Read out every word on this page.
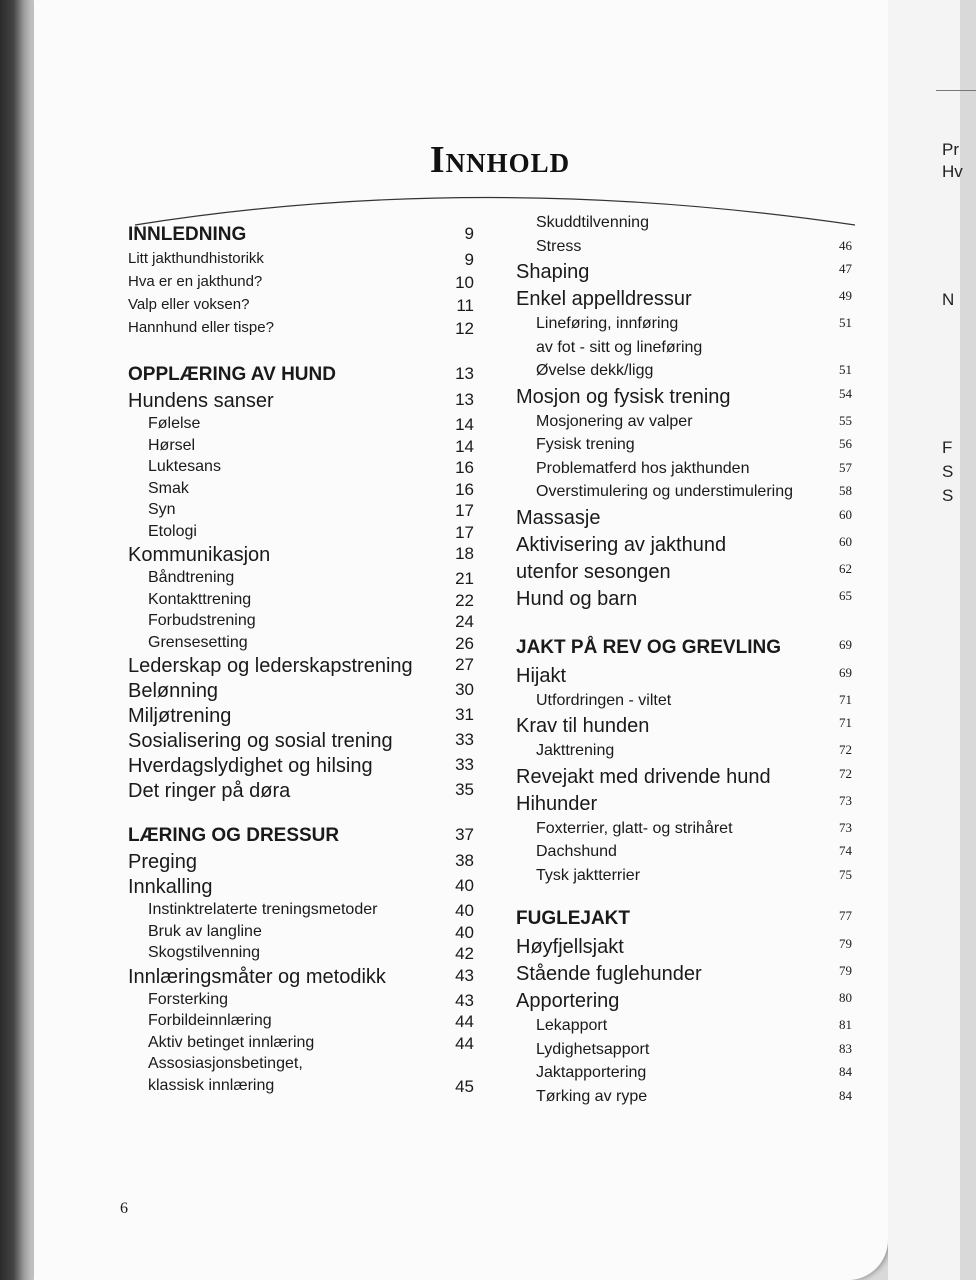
Pr
Hv
N
F
S
S
Innhold
INNLEDNING	9
Litt jakthundhistorikk	9
Hva er en jakthund?	10
Valp eller voksen?	11
Hannhund eller tispe?	12
OPPLÆRING AV HUND	13
Hundens sanser	13
Følelse	14
Hørsel	14
Luktesans	16
Smak	16
Syn	17
Etologi	17
Kommunikasjon	18
Båndtrening	21
Kontakttrening	22
Forbudstrening	24
Grensesetting	26
Lederskap og lederskapstrening	27
Belønning	30
Miljøtrening	31
Sosialisering og sosial trening	33
Hverdagslydighet og hilsing	33
Det ringer på døra	35
LÆRING OG DRESSUR	37
Preging	38
Innkalling	40
Instinktrelaterte treningsmetoder	40
Bruk av langline	40
Skogstilvenning	42
Innlæringsmåter og metodikk	43
Forsterking	43
Forbildeinnlæring	44
Aktiv betinget innlæring	44
Assosiasjonsbetinget,
klassisk innlæring	45
Skuddtilvenning
Stress	46
Shaping	47
Enkel appelldressur	49
Lineføring, innføring	51
av fot - sitt og lineføring
Øvelse dekk/ligg	51
Mosjon og fysisk trening	54
Mosjonering av valper	55
Fysisk trening	56
Problematferd hos jakthunden	57
Overstimulering og understimulering	58
Massasje	60
Aktivisering av jakthund	60
utenfor sesongen	62
Hund og barn	65
JAKT PÅ REV OG GREVLING	69
Hijakt	69
Utfordringen - viltet	71
Krav til hunden	71
Jakttrening	72
Revejakt med drivende hund	72
Hihunder	73
Foxterrier, glatt- og strihåret	73
Dachshund	74
Tysk jaktterrier	75
FUGLEJAKT	77
Høyfjellsjakt	79
Stående fuglehunder	79
Apportering	80
Lekapport	81
Lydighetsapport	83
Jaktapportering	84
Tørking av rype	84
6
